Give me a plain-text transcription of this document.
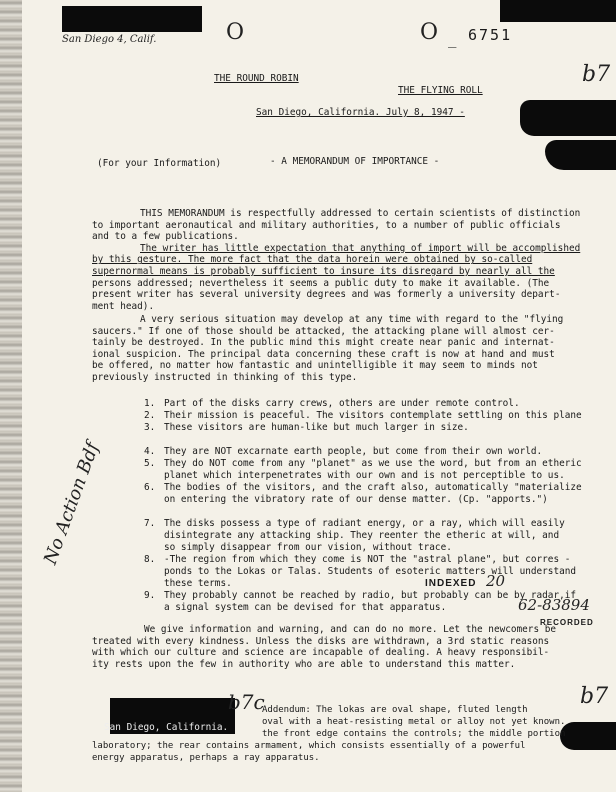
San Diego 4, Calif.	O	O _ 6751
THE ROUND ROBIN
THE FLYING ROLL
b7
San Diego, California. July 8, 1947 -
(For your Information)	- A MEMORANDUM OF IMPORTANCE -
THIS MEMORANDUM is respectfully addressed to certain scientists of distinction
to important aeronautical and military authorities, to a number of public officials
and to a few publications.
The writer has little expectation that anything of import will be accomplished
by this gesture. The more fact that the data horein were obtained by so-called
supernormal means is probably sufficient to insure its disregard by nearly all the
persons addressed; nevertheless it seems a public duty to make it available. (The
present writer has several university degrees and was formerly a university depart-
ment head).
A very serious situation may develop at any time with regard to the "flying
saucers." If one of those should be attacked, the attacking plane will almost cer-
tainly be destroyed. In the public mind this might create near panic and internat-
ional suspicion. The principal data concerning these craft is now at hand and must
be offered, no matter how fantastic and unintelligible it may seem to minds not
previously instructed in thinking of this type.
1. Part of the disks carry crews, others are under remote control.
2. Their mission is peaceful. The visitors contemplate settling on this plane
3. These visitors are human-like but much larger in size.
4. They are NOT excarnate earth people, but come from their own world.
5. They do NOT come from any "planet" as we use the word, but from an etheric
planet which interpenetrates with our own and is not perceptible to us.
6. The bodies of the visitors, and the craft also, automatically "materialize
on entering the vibratory rate of our dense matter. (Cp. "apports.")
7. The disks possess a type of radiant energy, or a ray, which will easily
disintegrate any attacking ship. They reenter the etheric at will, and
so simply disappear from our vision, without trace.
8. -The region from which they come is NOT the "astral plane", but corres -
ponds to the Lokas or Talas. Students of esoteric matters will understand
these terms.
9. They probably cannot be reached by radio, but probably can be by radar,if
a signal system can be devised for that apparatus.
INDEXED 20
62-83894
RECORDED
No Action Bdf
We give information and warning, and can do no more. Let the newcomers be
treated with every kindness. Unless the disks are withdrawn, a 3rd static reasons
with which our culture and science are incapable of dealing. A heavy responsibil-
ity rests upon the few in authority who are able to understand this matter.
b7c	b7
San Diego, California.
Addendum: The lokas are oval shape, fluted length
oval with a heat-resisting metal or alloy not yet known.
the front edge contains the controls; the middle portion
laboratory; the rear contains armament, which consists essentially of a powerful
energy apparatus, perhaps a ray apparatus.
